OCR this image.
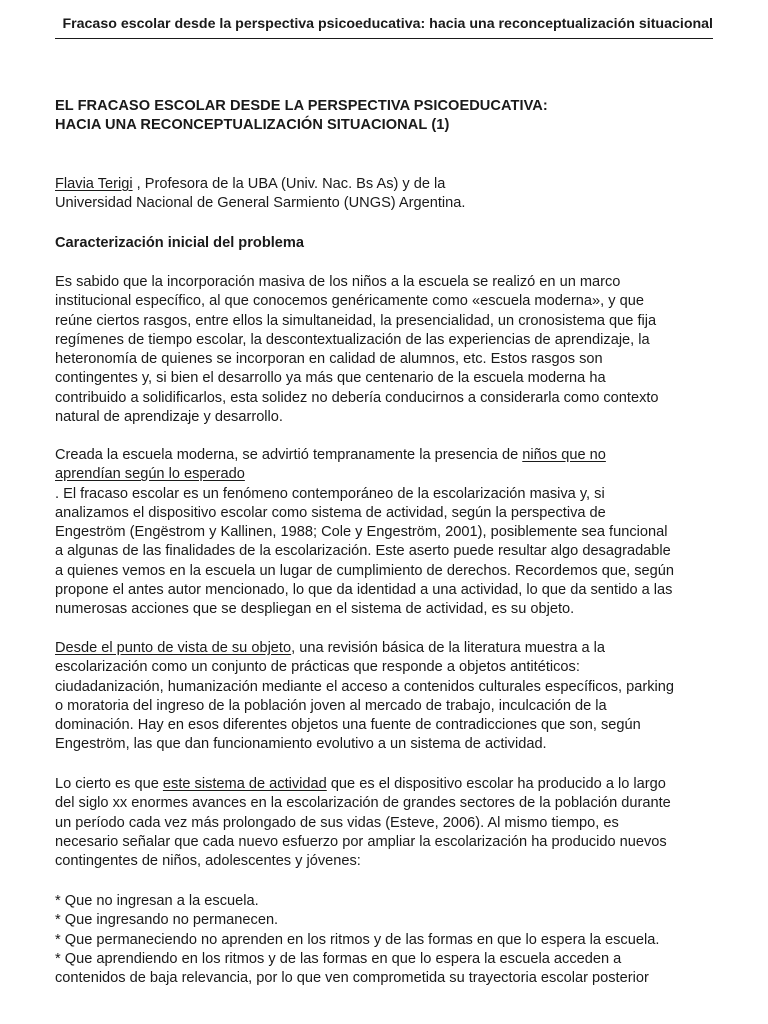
Fracaso escolar desde la perspectiva psicoeducativa: hacia una reconceptualización situacional
EL FRACASO ESCOLAR DESDE LA PERSPECTIVA PSICOEDUCATIVA:
HACIA UNA RECONCEPTUALIZACIÓN SITUACIONAL (1)
Flavia Terigi , Profesora de la UBA (Univ. Nac. Bs As) y de la
Universidad Nacional de General Sarmiento (UNGS) Argentina.
Caracterización inicial del problema
Es sabido que la incorporación masiva de los niños a la escuela se realizó en un marco
institucional específico, al que conocemos genéricamente como «escuela moderna», y que
reúne ciertos rasgos, entre ellos la simultaneidad, la presencialidad, un cronosistema que fija
regímenes de tiempo escolar, la descontextualización de las experiencias de aprendizaje, la
heteronomía de quienes se incorporan en calidad de alumnos, etc. Estos rasgos son
contingentes y, si bien el desarrollo ya más que centenario de la escuela moderna ha
contribuido a solidificarlos, esta solidez no debería conducirnos a considerarla como contexto
natural de aprendizaje y desarrollo.
Creada la escuela moderna, se advirtió tempranamente la presencia de niños que no
aprendían según lo esperado
. El fracaso escolar es un fenómeno contemporáneo de la escolarización masiva y, si
analizamos el dispositivo escolar como sistema de actividad, según la perspectiva de
Engeström (Engëstrom y Kallinen, 1988; Cole y Engeström, 2001), posiblemente sea funcional
a algunas de las finalidades de la escolarización. Este aserto puede resultar algo desagradable
a quienes vemos en la escuela un lugar de cumplimiento de derechos. Recordemos que, según
propone el antes autor mencionado, lo que da identidad a una actividad, lo que da sentido a las
numerosas acciones que se despliegan en el sistema de actividad, es su objeto.
Desde el punto de vista de su objeto, una revisión básica de la literatura muestra a la
escolarización como un conjunto de prácticas que responde a objetos antitéticos:
ciudadanización, humanización mediante el acceso a contenidos culturales específicos, parking
o moratoria del ingreso de la población joven al mercado de trabajo, inculcación de la
dominación. Hay en esos diferentes objetos una fuente de contradicciones que son, según
Engeström, las que dan funcionamiento evolutivo a un sistema de actividad.
Lo cierto es que este sistema de actividad que es el dispositivo escolar ha producido a lo largo
del siglo xx enormes avances en la escolarización de grandes sectores de la población durante
un período cada vez más prolongado de sus vidas (Esteve, 2006). Al mismo tiempo, es
necesario señalar que cada nuevo esfuerzo por ampliar la escolarización ha producido nuevos
contingentes de niños, adolescentes y jóvenes:
* Que no ingresan a la escuela.
* Que ingresando no permanecen.
* Que permaneciendo no aprenden en los ritmos y de las formas en que lo espera la escuela.
* Que aprendiendo en los ritmos y de las formas en que lo espera la escuela acceden a
contenidos de baja relevancia, por lo que ven comprometida su trayectoria escolar posterior
